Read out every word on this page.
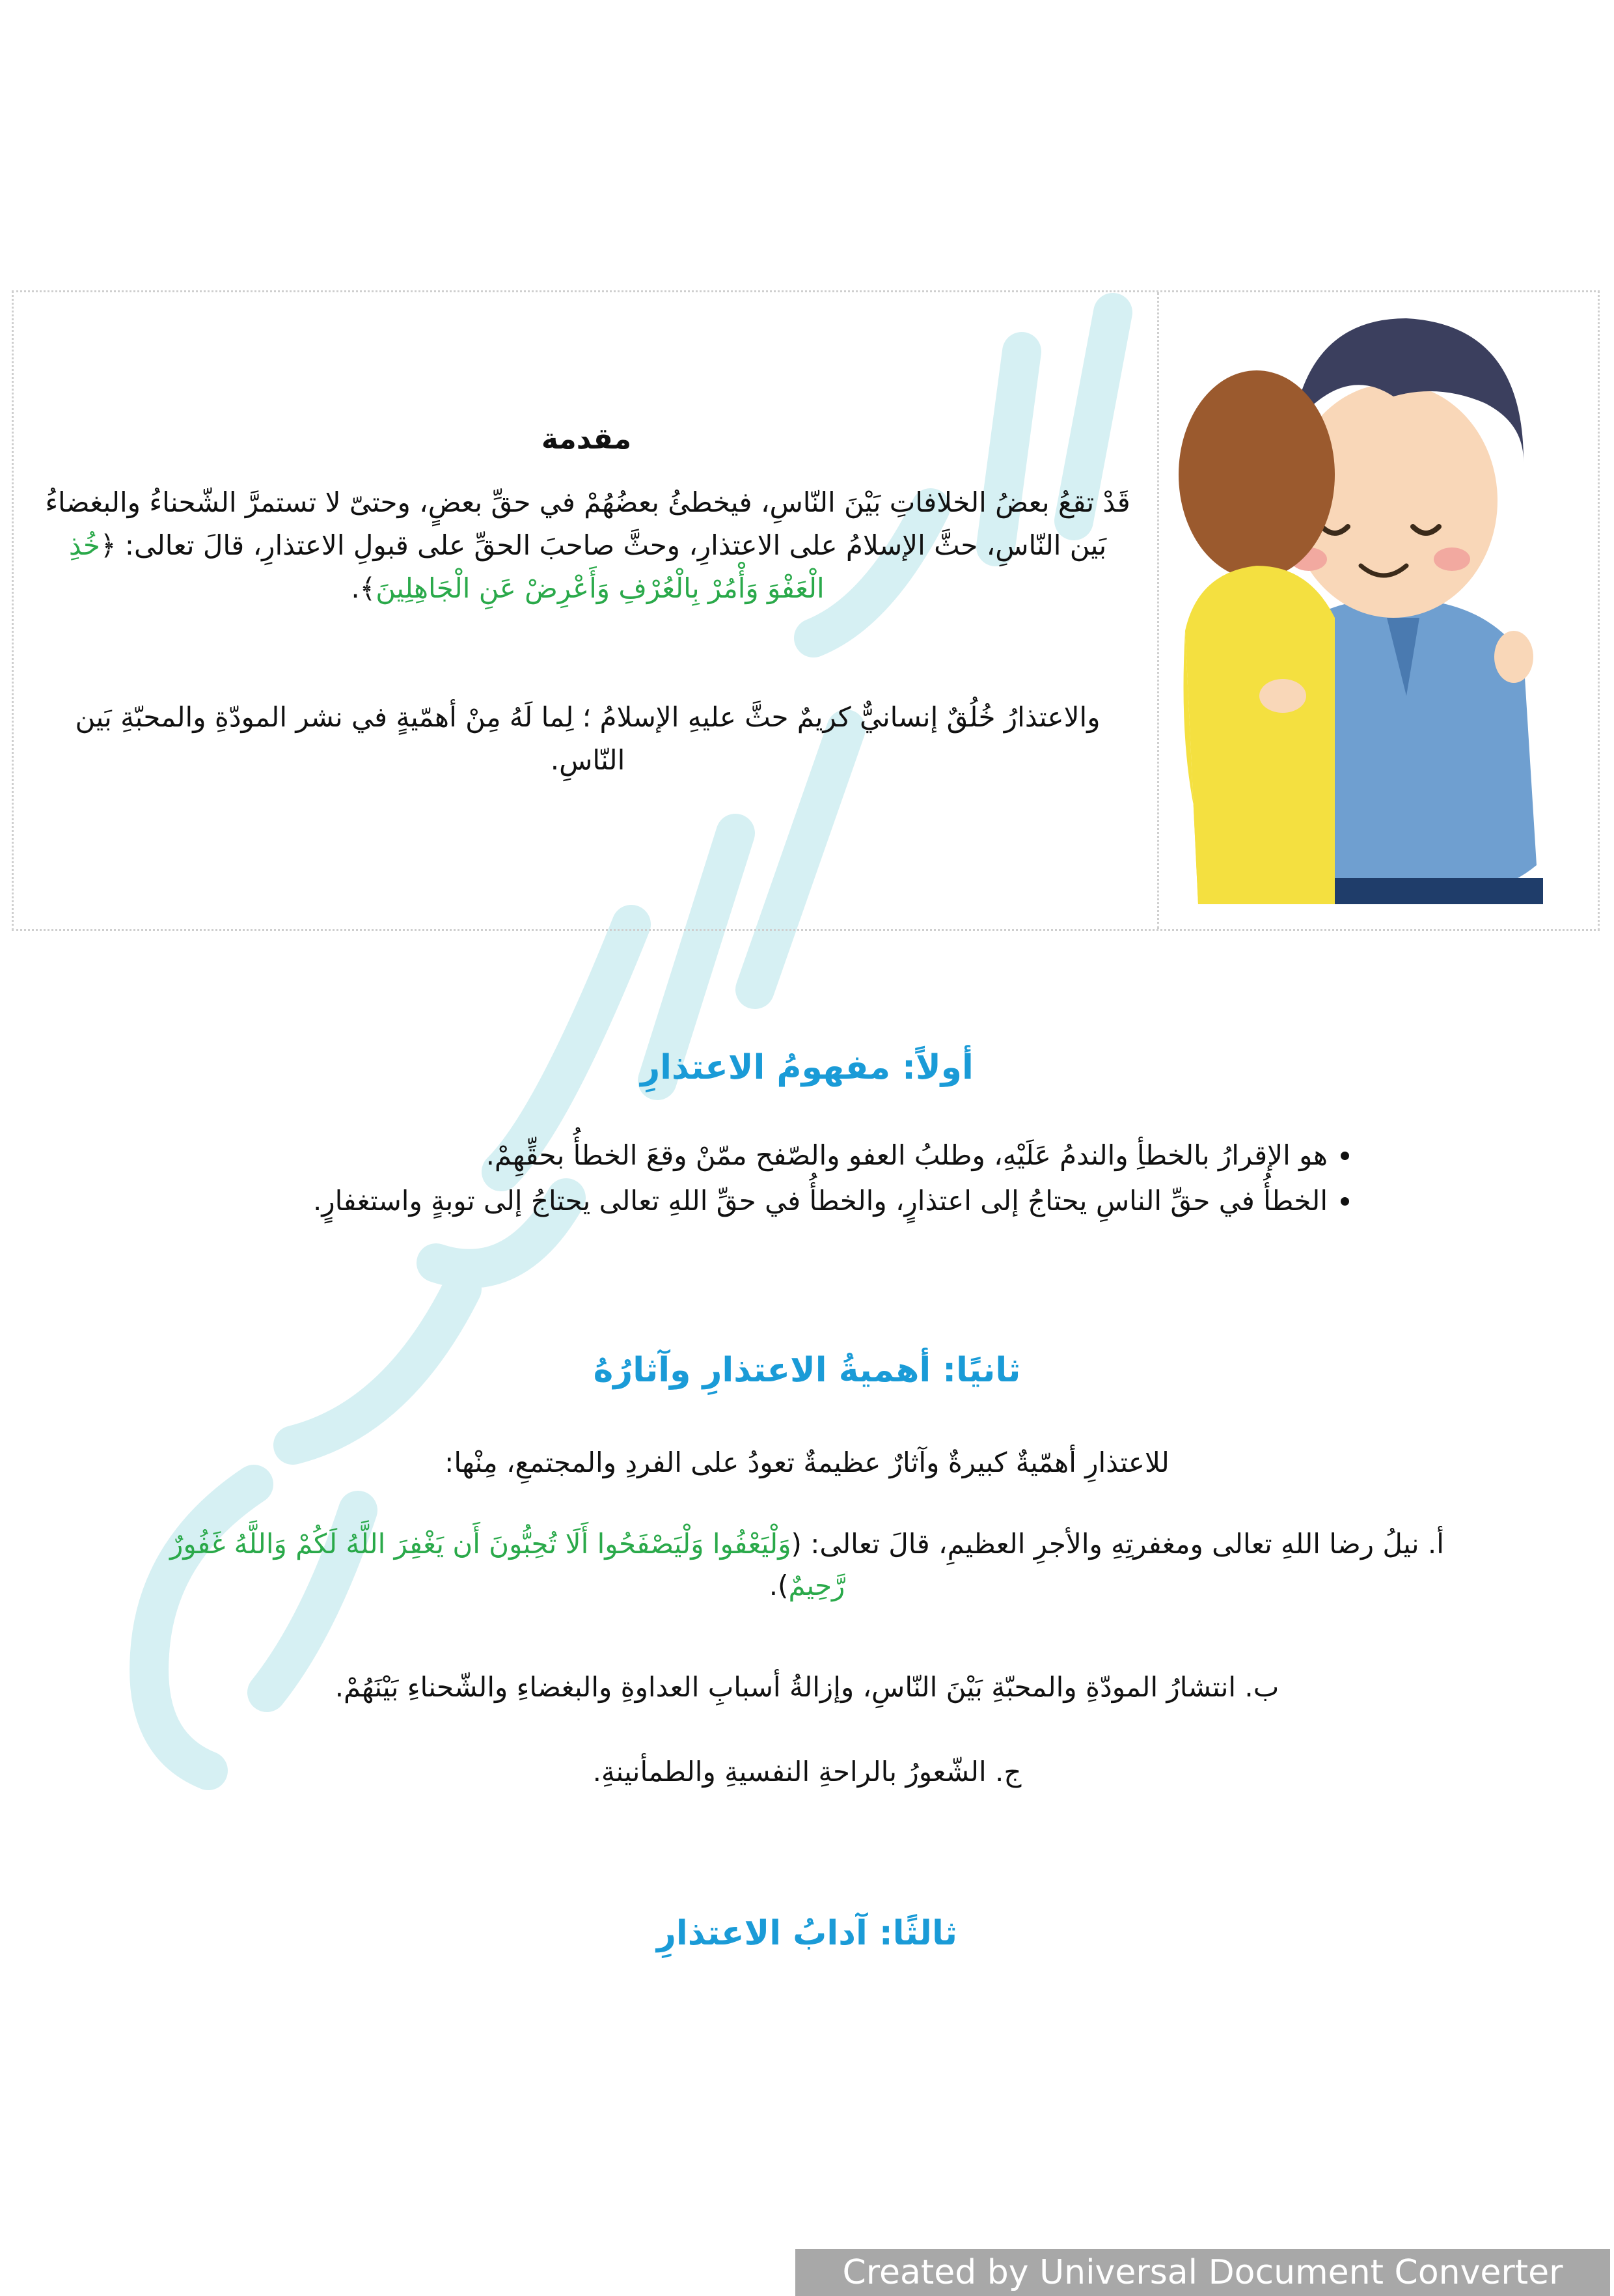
مقدمة
قَدْ تقعُ بعضُ الخلافاتِ بَيْنَ النّاسِ، فيخطئُ بعضُهُمْ في حقِّ بعضٍ، وحتىّ لا تستمرَّ الشّحناءُ والبغضاءُ بَين النّاسِ، حثَّ الإسلامُ على الاعتذارِ، وحثَّ صاحبَ الحقِّ على قبولِ الاعتذارِ، قالَ تعالى: ﴿خُذِ الْعَفْوَ وَأْمُرْ بِالْعُرْفِ وَأَعْرِضْ عَنِ الْجَاهِلِينَ﴾.
والاعتذارُ خُلُقٌ إنسانيٌّ كريمٌ حثَّ عليهِ الإسلامُ ؛ لِما لَهُ مِنْ أهمّيةٍ في نشر المودّةِ والمحبّةِ بَين النّاسِ.
أولاً: مفهومُ الاعتذارِ
• هو الإقرارُ بالخطأِ والندمُ عَلَيْهِ، وطلبُ العفو والصّفح ممّنْ وقعَ الخطأُ بحقِّهِمْ.
• الخطأُ في حقِّ الناسِ يحتاجُ إلى اعتذارٍ، والخطأُ في حقِّ اللهِ تعالى يحتاجُ إلى توبةٍ واستغفارٍ.
ثانيًا: أهميةُ الاعتذارِ وآثارُهُ
للاعتذارِ أهمّيةٌ كبيرةٌ وآثارٌ عظيمةٌ تعودُ على الفردِ والمجتمعِ، مِنْها:
أ. نيلُ رضا اللهِ تعالى ومغفرتِهِ والأجرِ العظيمِ، قالَ تعالى: (وَلْيَعْفُوا وَلْيَصْفَحُوا أَلَا تُحِبُّونَ أَن يَغْفِرَ اللَّهُ لَكُمْ وَاللَّهُ غَفُورٌ رَّحِيمٌ).
ب. انتشارُ المودّةِ والمحبّةِ بَيْنَ النّاسِ، وإزالةُ أسبابِ العداوةِ والبغضاءِ والشّحناءِ بَيْنَهُمْ.
ج. الشّعورُ بالراحةِ النفسيةِ والطمأنينةِ.
ثالثًا: آدابُ الاعتذارِ
Created by Universal Document Converter
